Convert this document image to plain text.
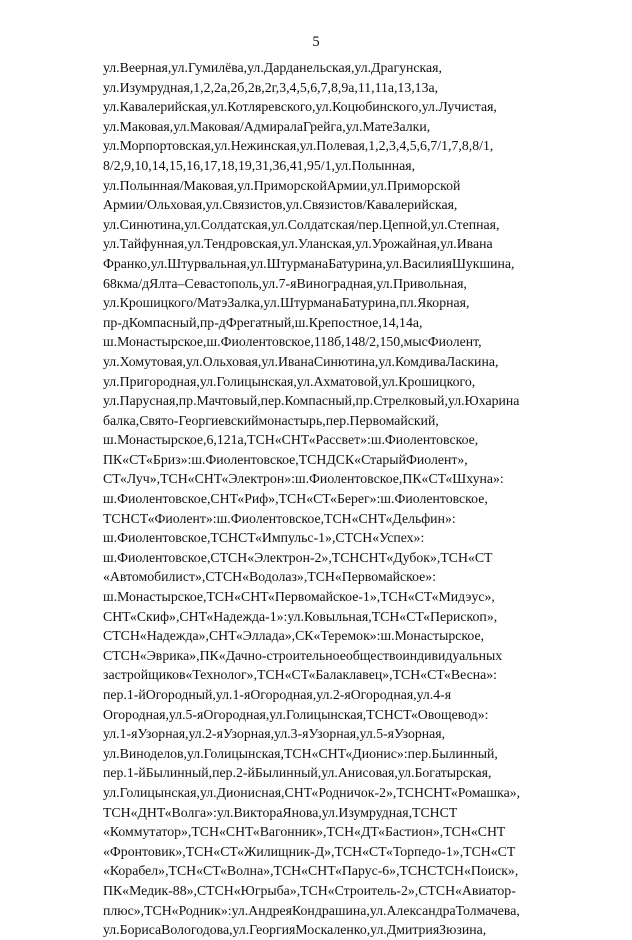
5
ул.Веерная,ул.Гумилёва,ул.Дарданельская,ул.Драгунская,
ул.Изумрудная,1,2,2а,2б,2в,2г,3,4,5,6,7,8,9а,11,11а,13,13а,
ул.Кавалерийская,ул.Котляревского,ул.Коцюбинского,ул.Лучистая,
ул.Маковая,ул.Маковая/АдмиралаГрейга,ул.МатеЗалки,
ул.Морпортовская,ул.Нежинская,ул.Полевая,1,2,3,4,5,6,7/1,7,8,8/1,
8/2,9,10,14,15,16,17,18,19,31,36,41,95/1,ул.Полынная,
ул.Полынная/Маковая,ул.ПриморскойАрмии,ул.Приморской
Армии/Ольховая,ул.Связистов,ул.Связистов/Кавалерийская,
ул.Синютина,ул.Солдатская,ул.Солдатская/пер.Цепной,ул.Степная,
ул.Тайфунная,ул.Тендровская,ул.Уланская,ул.Урожайная,ул.Ивана
Франко,ул.Штурвальная,ул.ШтурманаБатурина,ул.ВасилияШукшина,
68кма/дЯлта–Севастополь,ул.7-яВиноградная,ул.Привольная,
ул.Крошицкого/МатэЗалка,ул.ШтурманаБатурина,пл.Якорная,
пр-дКомпасный,пр-дФрегатный,ш.Крепостное,14,14а,
ш.Монастырское,ш.Фиолентовское,118б,148/2,150,мысФиолент,
ул.Хомутовая,ул.Ольховая,ул.ИванаСинютина,ул.КомдиваЛаскина,
ул.Пригородная,ул.Голицынская,ул.Ахматовой,ул.Крошицкого,
ул.Парусная,пр.Мачтовый,пер.Компасный,пр.Стрелковый,ул.Юхарина
балка,Свято-Георгиевскиймонастырь,пер.Первомайский,
ш.Монастырское,6,121а,ТСН«СНТ«Рассвет»:ш.Фиолентовское,
ПК«СТ«Бриз»:ш.Фиолентовское,ТСНДСК«СтарыйФиолент»,
СТ«Луч»,ТСН«СНТ«Электрон»:ш.Фиолентовское,ПК«СТ«Шхуна»:
ш.Фиолентовское,СНТ«Риф»,ТСН«СТ«Берег»:ш.Фиолентовское,
ТСНСТ«Фиолент»:ш.Фиолентовское,ТСН«СНТ«Дельфин»:
ш.Фиолентовское,ТСНСТ«Импульс-1»,СТСН«Успех»:
ш.Фиолентовское,СТСН«Электрон-2»,ТСНСНТ«Дубок»,ТСН«СТ
«Автомобилист»,СТСН«Водолаз»,ТСН«Первомайское»:
ш.Монастырское,ТСН«СНТ«Первомайское-1»,ТСН«СТ«Мидэус»,
СНТ«Скиф»,СНТ«Надежда-1»:ул.Ковыльная,ТСН«СТ«Перископ»,
СТСН«Надежда»,СНТ«Эллада»,СК«Теремок»:ш.Монастырское,
СТСН«Эврика»,ПК«Дачно-строительноеобществоиндивидуальных
застройщиков«Технолог»,ТСН«СТ«Балаклавец»,ТСН«СТ«Весна»:
пер.1-йОгородный,ул.1-яОгородная,ул.2-яОгородная,ул.4-я
Огородная,ул.5-яОгородная,ул.Голицынская,ТСНСТ«Овощевод»:
ул.1-яУзорная,ул.2-яУзорная,ул.3-яУзорная,ул.5-яУзорная,
ул.Виноделов,ул.Голицынская,ТСН«СНТ«Дионис»:пер.Былинный,
пер.1-йБылинный,пер.2-йБылинный,ул.Анисовая,ул.Богатырская,
ул.Голицынская,ул.Дионисная,СНТ«Родничок-2»,ТСНСНТ«Ромашка»,
ТСН«ДНТ«Волга»:ул.ВиктораЯнова,ул.Изумрудная,ТСНСТ
«Коммутатор»,ТСН«СНТ«Вагонник»,ТСН«ДТ«Бастион»,ТСН«СНТ
«Фронтовик»,ТСН«СТ«Жилищник-Д»,ТСН«СТ«Торпедо-1»,ТСН«СТ
«Корабел»,ТСН«СТ«Волна»,ТСН«СНТ«Парус-6»,ТСНСТСН«Поиск»,
ПК«Медик-88»,СТСН«Югрыба»,ТСН«Строитель-2»,СТСН«Авиатор-
плюс»,ТСН«Родник»:ул.АндреяКондрашина,ул.АлександраТолмачева,
ул.БорисаВологодова,ул.ГеоргияМоскаленко,ул.ДмитрияЗюзина,
